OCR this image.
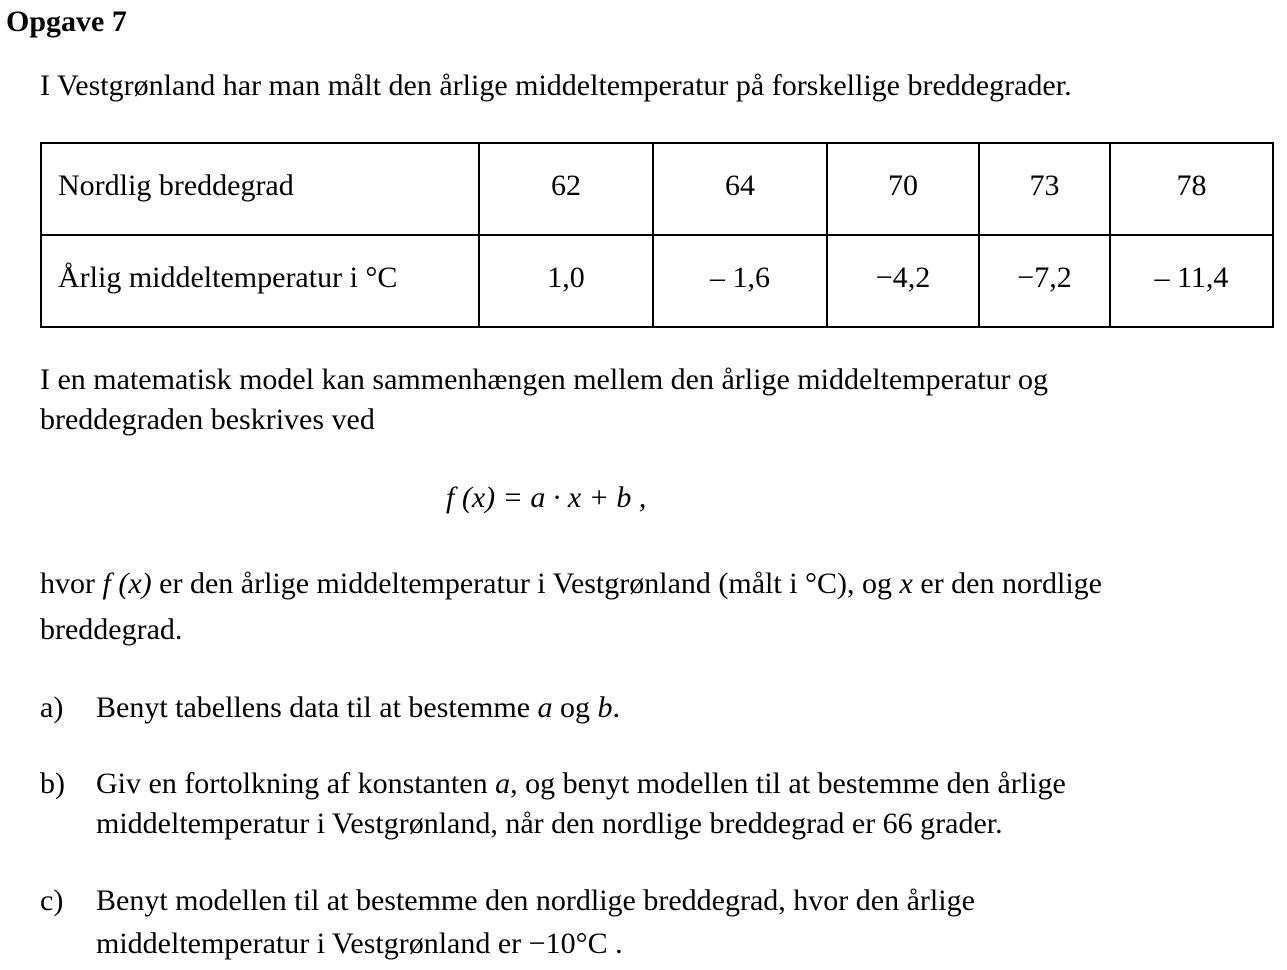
Opgave 7
I Vestgrønland har man målt den årlige middeltemperatur på forskellige breddegrader.
Nordlig breddegrad	62	64	70	73	78
Årlig middeltemperatur i °C	1,0	– 1,6	−4,2	−7,2	– 11,4
I en matematisk model kan sammenhængen mellem den årlige middeltemperatur og
breddegraden beskrives ved
f (x) = a · x + b ,
hvor f (x) er den årlige middeltemperatur i Vestgrønland (målt i °C), og x er den nordlige
breddegrad.
a) Benyt tabellens data til at bestemme a og b.
b) Giv en fortolkning af konstanten a, og benyt modellen til at bestemme den årlige
middeltemperatur i Vestgrønland, når den nordlige breddegrad er 66 grader.
c) Benyt modellen til at bestemme den nordlige breddegrad, hvor den årlige
middeltemperatur i Vestgrønland er −10°C .
